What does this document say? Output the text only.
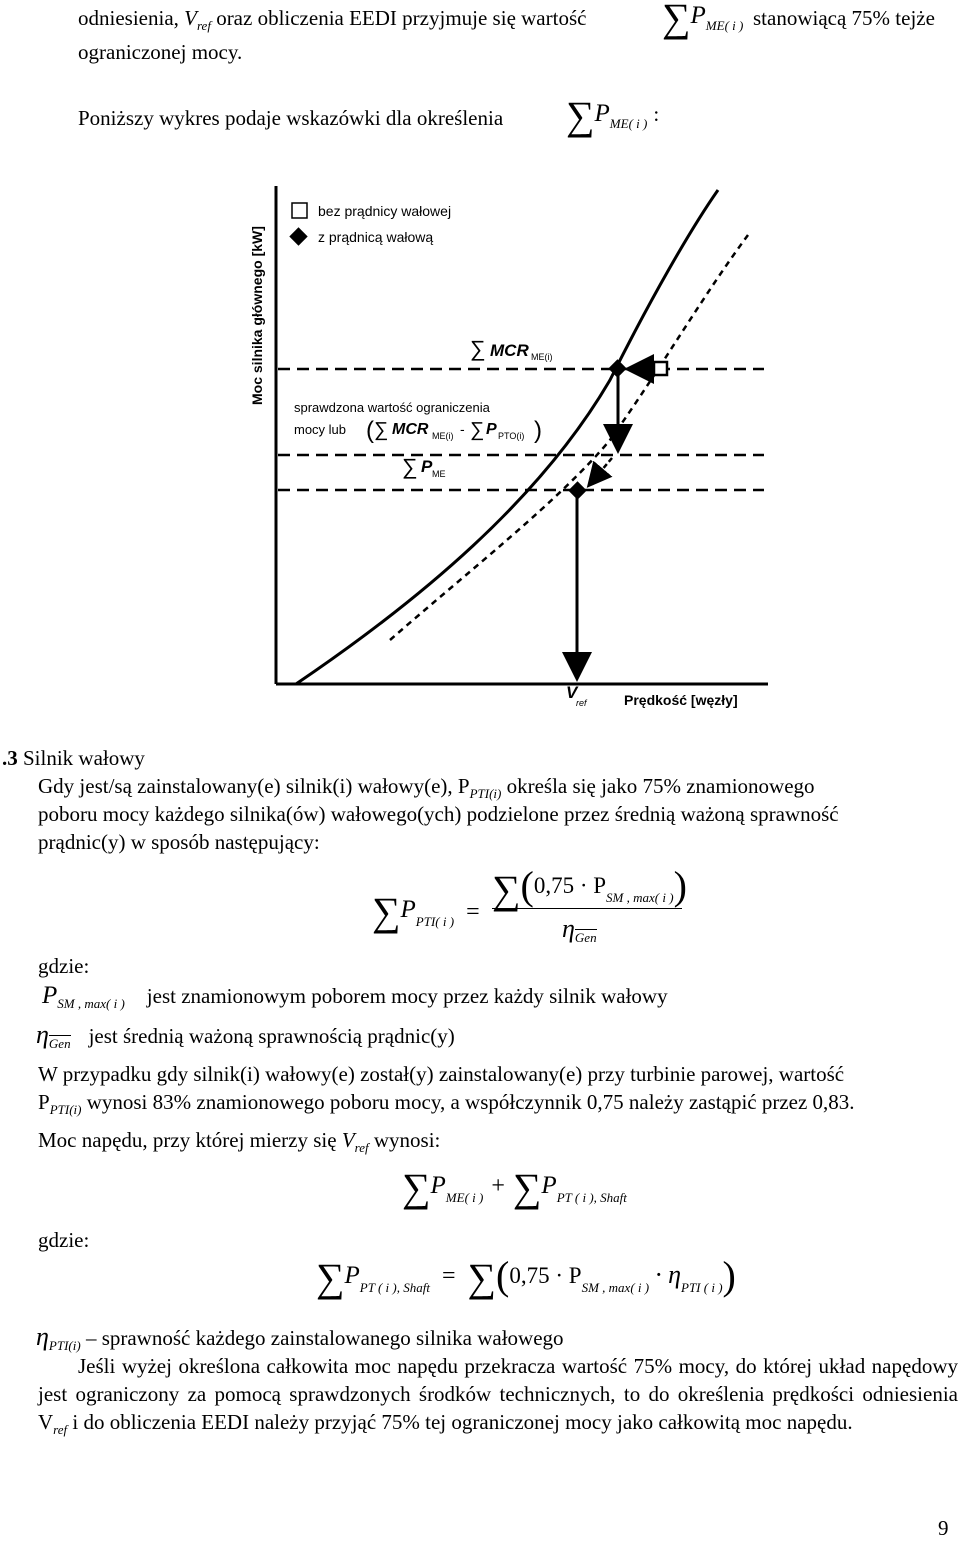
odniesienia, $V_{ref}$ oraz obliczenia EEDI przyjmuje się wartość $\sum P_{ME( i )}$ stanowiącą 75% tejże
ograniczonej mocy.
Poniższy wykres podaje wskazówki dla określenia $\sum P_{ME( i )}$ :
bez prądnicy wałowej
z prądnicą wałową
Moc silnika głównego [kW]	∑ MCR ME(i)
sprawdzona wartość ograniczenia
mocy lub ( ∑ MCR ME(i) - ∑ P PTO(i) )
∑ P ME
V
ref	Prędkość [węzły]
.3 Silnik wałowy
Gdy jest/są zainstalowany(e) silnik(i) wałowy(e), $P_{PTI(i)}$ określa się jako 75% znamionowego
poboru mocy każdego silnika(ów) wałowego(ych) podzielone przez średnią ważoną sprawność
prądnic(y) w sposób następujący:
$\sum P_{PTI( i )} = \sum(0,75 \cdot P_{SM , max( i )})$
$\eta_{Gen}$
gdzie:
$P_{SM , max( i )}$ jest znamionowym poborem mocy przez każdy silnik wałowy
$\eta_{Gen}$ jest średnią ważoną sprawnością prądnic(y)
W przypadku gdy silnik(i) wałowy(e) został(y) zainstalowany(e) przy turbinie parowej, wartość
$P_{PTI(i)}$ wynosi 83% znamionowego poboru mocy, a współczynnik 0,75 należy zastąpić przez 0,83.
Moc napędu, przy której mierzy się $V_{ref}$ wynosi:
$\sum P_{ME( i )} + \sum P_{PT ( i ), Shaft}$
gdzie:
$\sum P_{PT ( i ), Shaft} = \sum(0,75 \cdot P_{SM , max( i )} \cdot \eta_{PTI ( i )})$
$\eta_{PTI(i)}$ – sprawność każdego zainstalowanego silnika wałowego
Jeśli wyżej określona całkowita moc napędu przekracza wartość 75% mocy, do której układ napędowy jest ograniczony za pomocą sprawdzonych środków technicznych, to do określenia prędkości odniesienia $V_{ref}$ i do obliczenia EEDI należy przyjąć 75% tej ograniczonej mocy jako całkowitą moc napędu.
9
